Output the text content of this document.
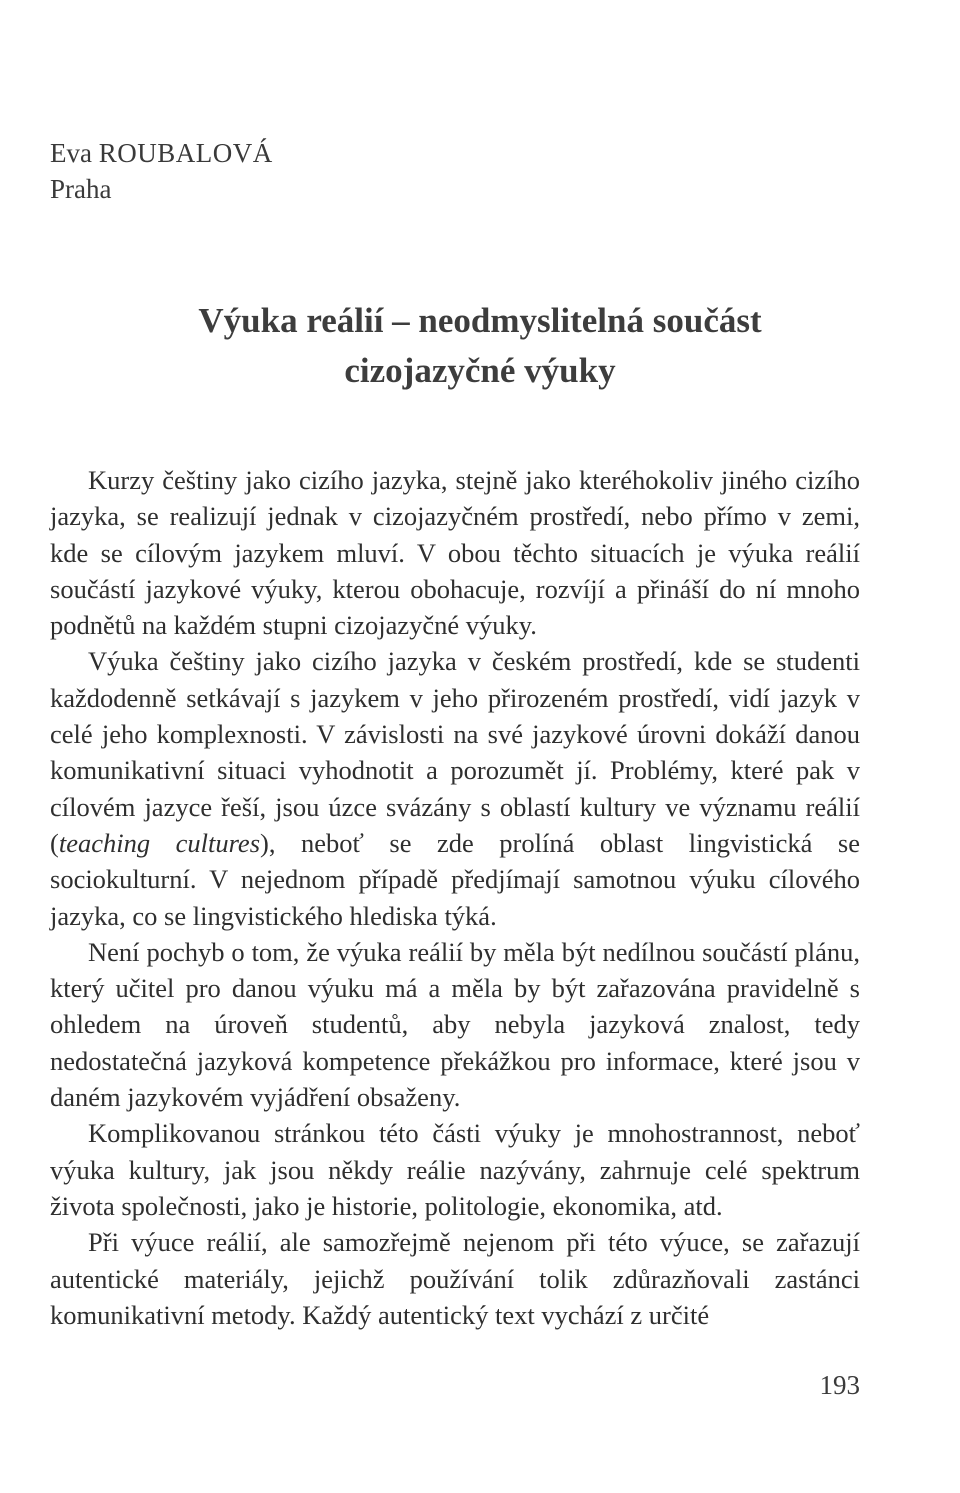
Eva ROUBALOVÁ
Praha
Výuka reálií – neodmyslitelná součást
cizojazyčné výuky

Kurzy češtiny jako cizího jazyka, stejně jako kteréhokoliv jiného cizího jazyka, se realizují jednak v cizojazyčném prostředí, nebo přímo v zemi, kde se cílovým jazykem mluví. V obou těchto situacích je výuka reálií součástí jazykové výuky, kterou obohacuje, rozvíjí a přináší do ní mnoho podnětů na každém stupni cizojazyčné výuky.

Výuka češtiny jako cizího jazyka v českém prostředí, kde se studenti každodenně setkávají s jazykem v jeho přirozeném prostředí, vidí jazyk v celé jeho komplexnosti. V závislosti na své jazykové úrovni dokáží danou komunikativní situaci vyhodnotit a porozumět jí. Problémy, které pak v cílovém jazyce řeší, jsou úzce svázány s oblastí kultury ve významu reálií (teaching cultures), neboť se zde prolíná oblast lingvistická se sociokulturní. V nejednom případě předjímají samotnou výuku cílového jazyka, co se lingvistického hlediska týká.

Není pochyb o tom, že výuka reálií by měla být nedílnou součástí plánu, který učitel pro danou výuku má a měla by být zařazována pravidelně s ohledem na úroveň studentů, aby nebyla jazyková znalost, tedy nedostatečná jazyková kompetence překážkou pro informace, které jsou v daném jazykovém vyjádření obsaženy.

Komplikovanou stránkou této části výuky je mnohostrannost, neboť výuka kultury, jak jsou někdy reálie nazývány, zahrnuje celé spektrum života společnosti, jako je historie, politologie, ekonomika, atd.

Při výuce reálií, ale samozřejmě nejenom při této výuce, se zařazují autentické materiály, jejichž používání tolik zdůrazňovali zastánci komunikativní metody. Každý autentický text vychází z určité

193
